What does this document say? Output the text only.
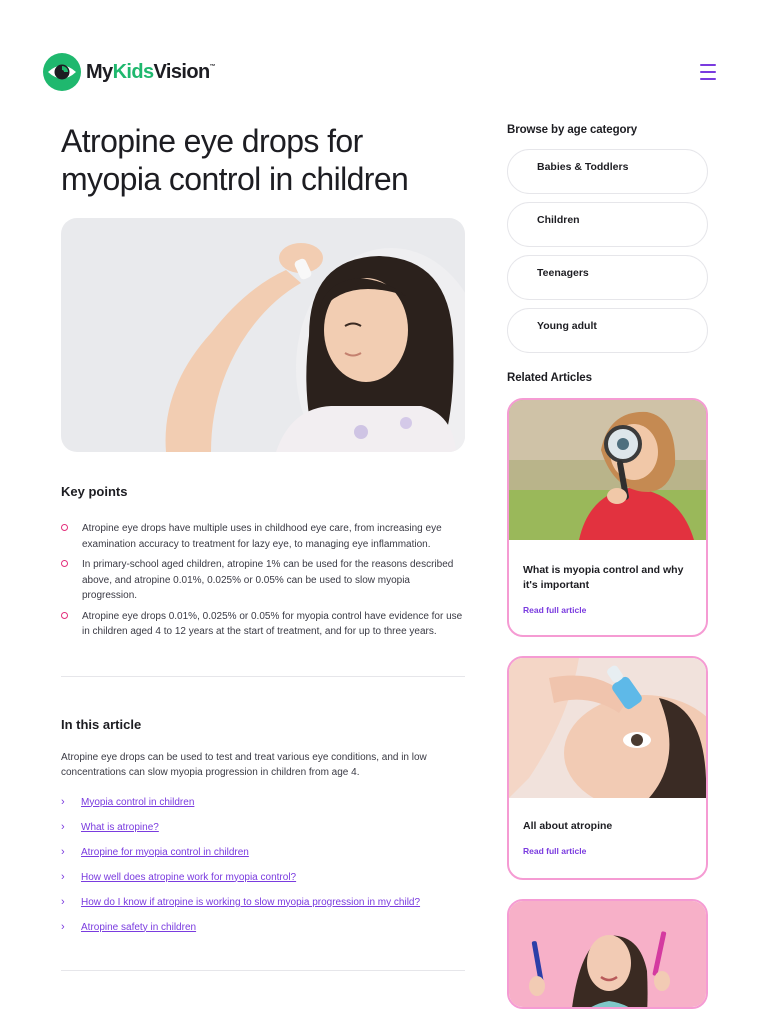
MyKidsVision™
Atropine eye drops for myopia control in children
Key points
Atropine eye drops have multiple uses in childhood eye care, from increasing eye examination accuracy to treatment for lazy eye, to managing eye inflammation.
In primary-school aged children, atropine 1% can be used for the reasons described above, and atropine 0.01%, 0.025% or 0.05% can be used to slow myopia progression.
Atropine eye drops 0.01%, 0.025% or 0.05% for myopia control have evidence for use in children aged 4 to 12 years at the start of treatment, and for up to three years.
In this article

Atropine eye drops can be used to test and treat various eye conditions, and in low concentrations can slow myopia progression in children from age 4.

›	Myopia control in children
›	What is atropine?
›	Atropine for myopia control in children
›	How well does atropine work for myopia control?
›	How do I know if atropine is working to slow myopia progression in my child?
›	Atropine safety in children
Browse by age category
Babies & Toddlers
Children
Teenagers
Young adult
Related Articles
What is myopia control and why it's important
Read full article
All about atropine
Read full article
